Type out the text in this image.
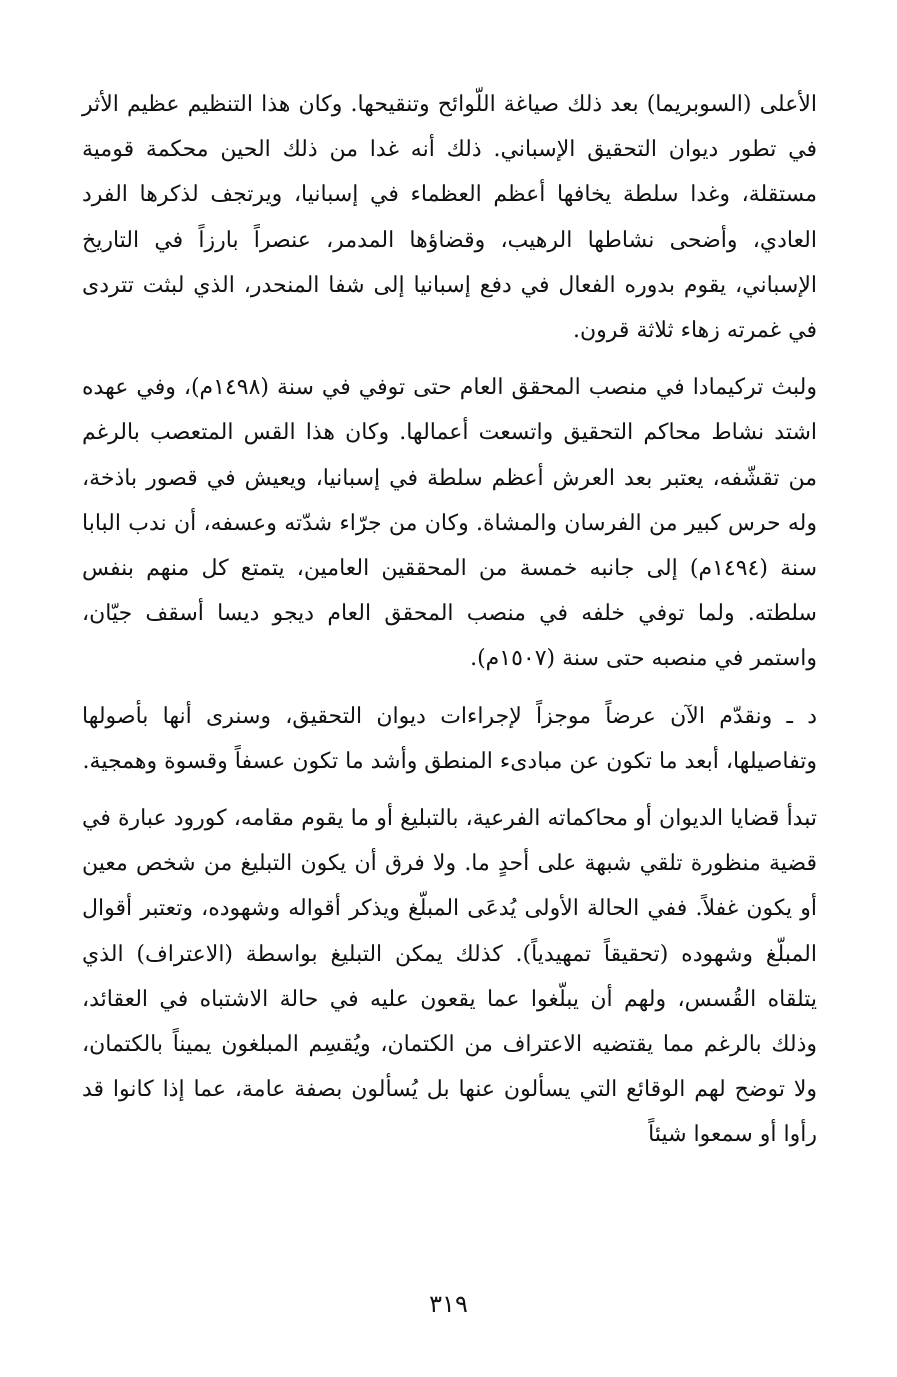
الأعلى (السوبريما) بعد ذلك صياغة اللّوائح وتنقيحها. وكان هذا التنظيم عظيم الأثر في تطور ديوان التحقيق الإسباني. ذلك أنه غدا من ذلك الحين محكمة قومية مستقلة، وغدا سلطة يخافها أعظم العظماء في إسبانيا، ويرتجف لذكرها الفرد العادي، وأضحى نشاطها الرهيب، وقضاؤها المدمر، عنصراً بارزاً في التاريخ الإسباني، يقوم بدوره الفعال في دفع إسبانيا إلى شفا المنحدر، الذي لبثت تتردى في غمرته زهاء ثلاثة قرون.

ولبث تركيمادا في منصب المحقق العام حتى توفي في سنة (١٤٩٨م)، وفي عهده اشتد نشاط محاكم التحقيق واتسعت أعمالها. وكان هذا القس المتعصب بالرغم من تقشّفه، يعتبر بعد العرش أعظم سلطة في إسبانيا، ويعيش في قصور باذخة، وله حرس كبير من الفرسان والمشاة. وكان من جرّاء شدّته وعسفه، أن ندب البابا سنة (١٤٩٤م) إلى جانبه خمسة من المحققين العامين، يتمتع كل منهم بنفس سلطته. ولما توفي خلفه في منصب المحقق العام ديجو ديسا أسقف جيّان، واستمر في منصبه حتى سنة (١٥٠٧م).

د ـ ونقدّم الآن عرضاً موجزاً لإجراءات ديوان التحقيق، وسنرى أنها بأصولها وتفاصيلها، أبعد ما تكون عن مبادىء المنطق وأشد ما تكون عسفاً وقسوة وهمجية.

تبدأ قضايا الديوان أو محاكماته الفرعية، بالتبليغ أو ما يقوم مقامه، كورود عبارة في قضية منظورة تلقي شبهة على أحدٍ ما. ولا فرق أن يكون التبليغ من شخص معين أو يكون غفلاً. ففي الحالة الأولى يُدعَى المبلّغ ويذكر أقواله وشهوده، وتعتبر أقوال المبلّغ وشهوده (تحقيقاً تمهيدياً). كذلك يمكن التبليغ بواسطة (الاعتراف) الذي يتلقاه القُسس، ولهم أن يبلّغوا عما يقعون عليه في حالة الاشتباه في العقائد، وذلك بالرغم مما يقتضيه الاعتراف من الكتمان، ويُقسِم المبلغون يميناً بالكتمان، ولا توضح لهم الوقائع التي يسألون عنها بل يُسألون بصفة عامة، عما إذا كانوا قد رأوا أو سمعوا شيئاً

٣١٩
